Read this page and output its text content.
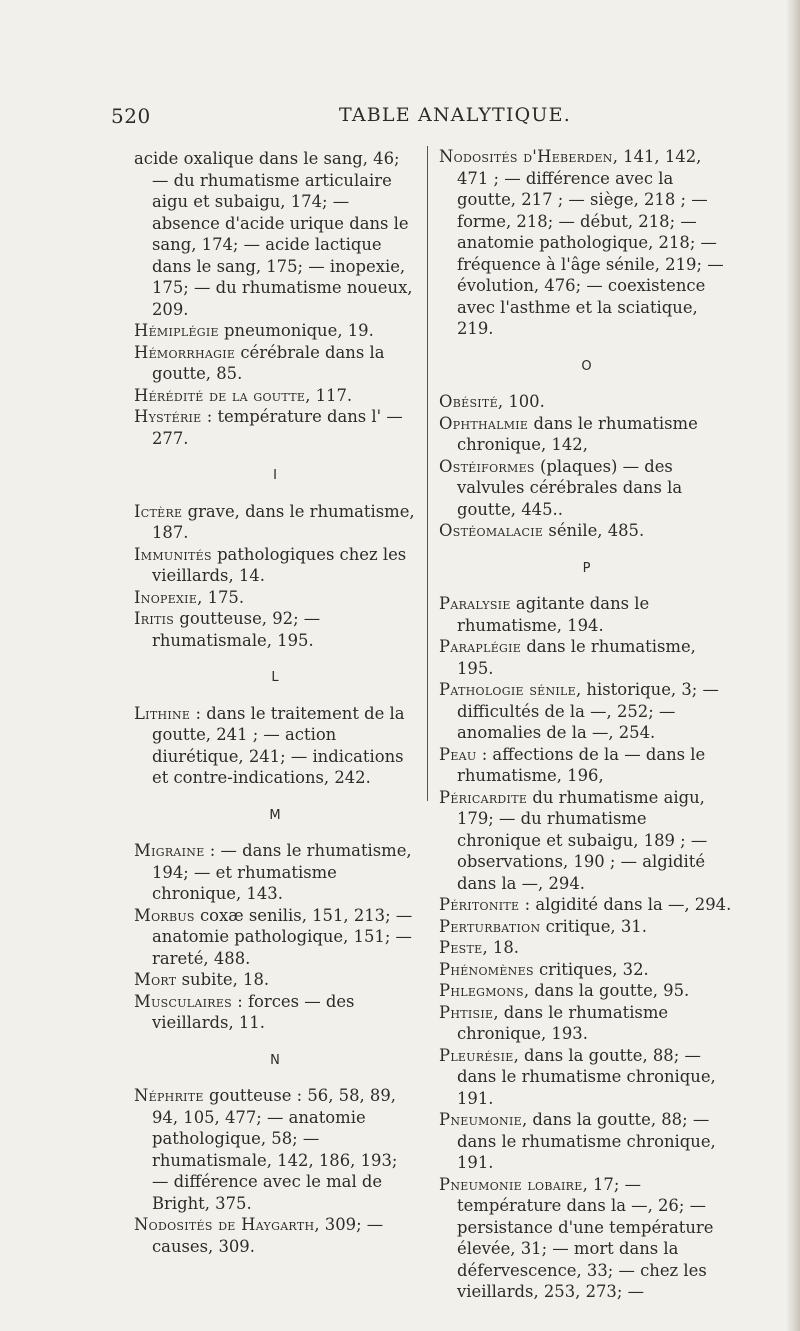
520	TABLE ANALYTIQUE.
acide oxalique dans le sang, 46; — du rhumatisme articulaire aigu et subaigu, 174; — absence d'acide urique dans le sang, 174; — acide lactique dans le sang, 175; — inopexie, 175; — du rhumatisme noueux, 209.
Hémiplégie pneumonique, 19.
Hémorrhagie cérébrale dans la goutte, 85.
Hérédité de la goutte, 117.
Hystérie : température dans l' — 277.
I
Ictère grave, dans le rhumatisme, 187.
Immunités pathologiques chez les vieillards, 14.
Inopexie, 175.
Iritis goutteuse, 92; — rhumatismale, 195.
L
Lithine : dans le traitement de la goutte, 241 ; — action diurétique, 241; — indications et contre-indications, 242.
M
Migraine : — dans le rhumatisme, 194; — et rhumatisme chronique, 143.
Morbus coxæ senilis, 151, 213; — anatomie pathologique, 151; — rareté, 488.
Mort subite, 18.
Musculaires : forces — des vieillards, 11.
N
Néphrite goutteuse : 56, 58, 89, 94, 105, 477; — anatomie pathologique, 58; — rhumatismale, 142, 186, 193; — différence avec le mal de Bright, 375.
Nodosités de Haygarth, 309; — causes, 309.
Nodosités d'Heberden, 141, 142, 471 ; — différence avec la goutte, 217 ; — siège, 218 ; — forme, 218; — début, 218; — anatomie pathologique, 218; — fréquence à l'âge sénile, 219; — évolution, 476; — coexistence avec l'asthme et la sciatique, 219.
O
Obésité, 100.
Ophthalmie dans le rhumatisme chronique, 142,
Ostéiformes (plaques) — des valvules cérébrales dans la goutte, 445..
Ostéomalacie sénile, 485.
P
Paralysie agitante dans le rhumatisme, 194.
Paraplégie dans le rhumatisme, 195.
Pathologie sénile, historique, 3; — difficultés de la —, 252; — anomalies de la —, 254.
Peau : affections de la — dans le rhumatisme, 196,
Péricardite du rhumatisme aigu, 179; — du rhumatisme chronique et subaigu, 189 ; — observations, 190 ; — algidité dans la —, 294.
Péritonite : algidité dans la —, 294.
Perturbation critique, 31.
Peste, 18.
Phénomènes critiques, 32.
Phlegmons, dans la goutte, 95.
Phtisie, dans le rhumatisme chronique, 193.
Pleurésie, dans la goutte, 88; — dans le rhumatisme chronique, 191.
Pneumonie, dans la goutte, 88; — dans le rhumatisme chronique, 191.
Pneumonie lobaire, 17; — température dans la —, 26; — persistance d'une température élevée, 31; — mort dans la défervescence, 33; — chez les vieillards, 253, 273; —
